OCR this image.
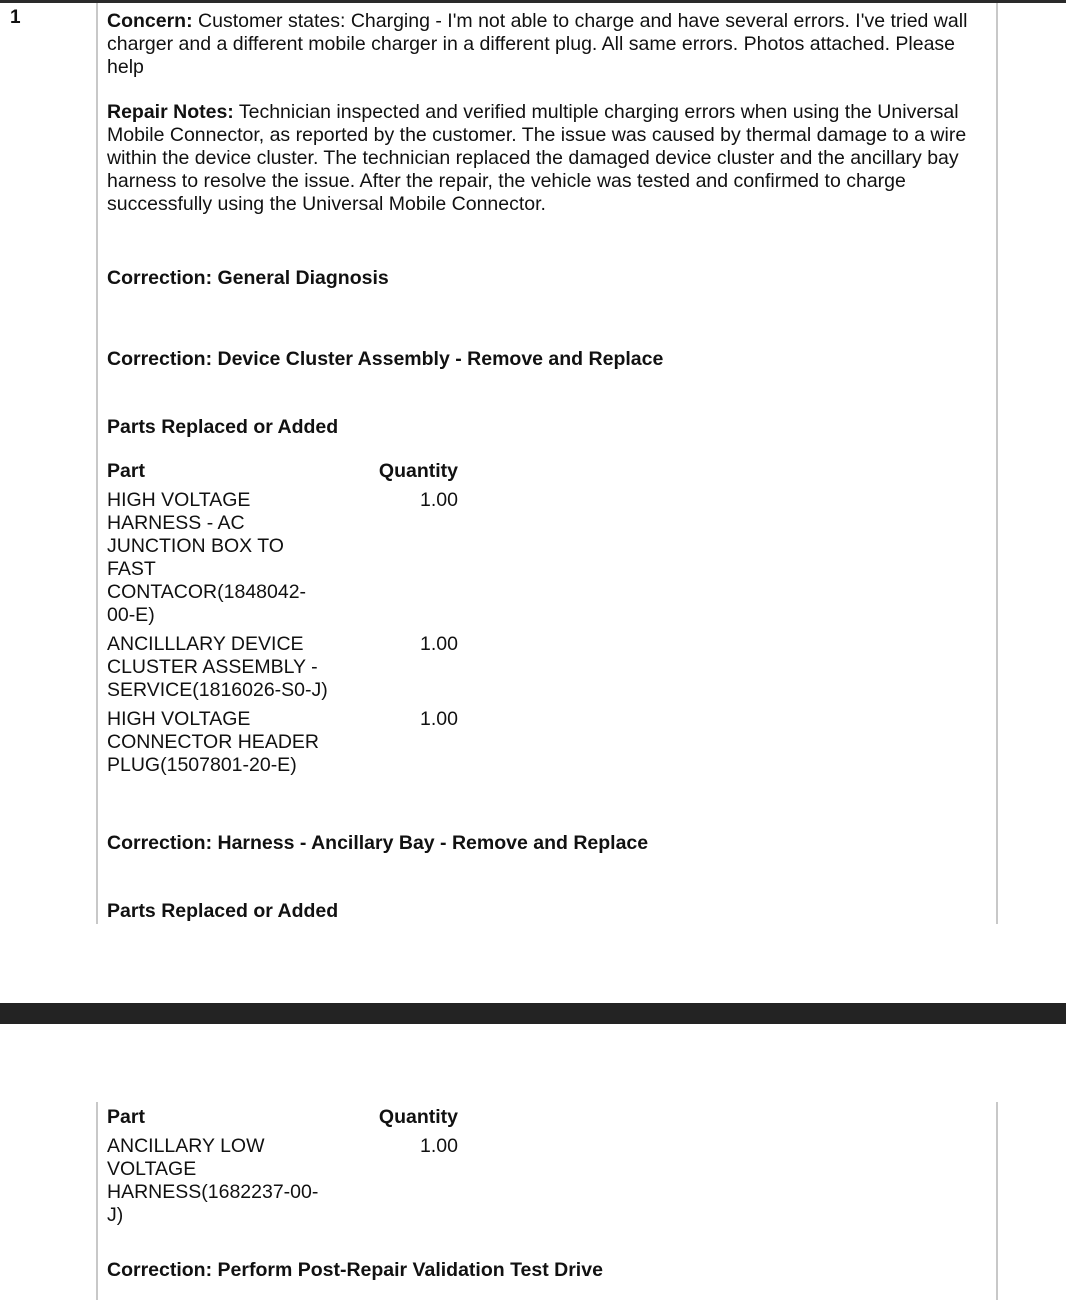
1	Concern: Customer states: Charging - I'm not able to charge and have several errors. I've tried wall charger and a different mobile charger in a different plug. All same errors. Photos attached. Please help

Repair Notes: Technician inspected and verified multiple charging errors when using the Universal Mobile Connector, as reported by the customer. The issue was caused by thermal damage to a wire within the device cluster. The technician replaced the damaged device cluster and the ancillary bay harness to resolve the issue. After the repair, the vehicle was tested and confirmed to charge successfully using the Universal Mobile Connector.

Correction: General Diagnosis
Correction: Device Cluster Assembly - Remove and Replace
Parts Replaced or Added
Part	Quantity
HIGH VOLTAGE HARNESS - AC JUNCTION BOX TO FAST CONTACOR(1848042-00-E)
1.00
ANCILLLARY DEVICE CLUSTER ASSEMBLY - SERVICE(1816026-S0-J)
1.00
HIGH VOLTAGE CONNECTOR HEADER PLUG(1507801-20-E)
1.00
Correction: Harness - Ancillary Bay - Remove and Replace
Parts Replaced or Added
Part	Quantity
ANCILLARY LOW VOLTAGE HARNESS(1682237-00-J)
1.00
Correction: Perform Post-Repair Validation Test Drive
